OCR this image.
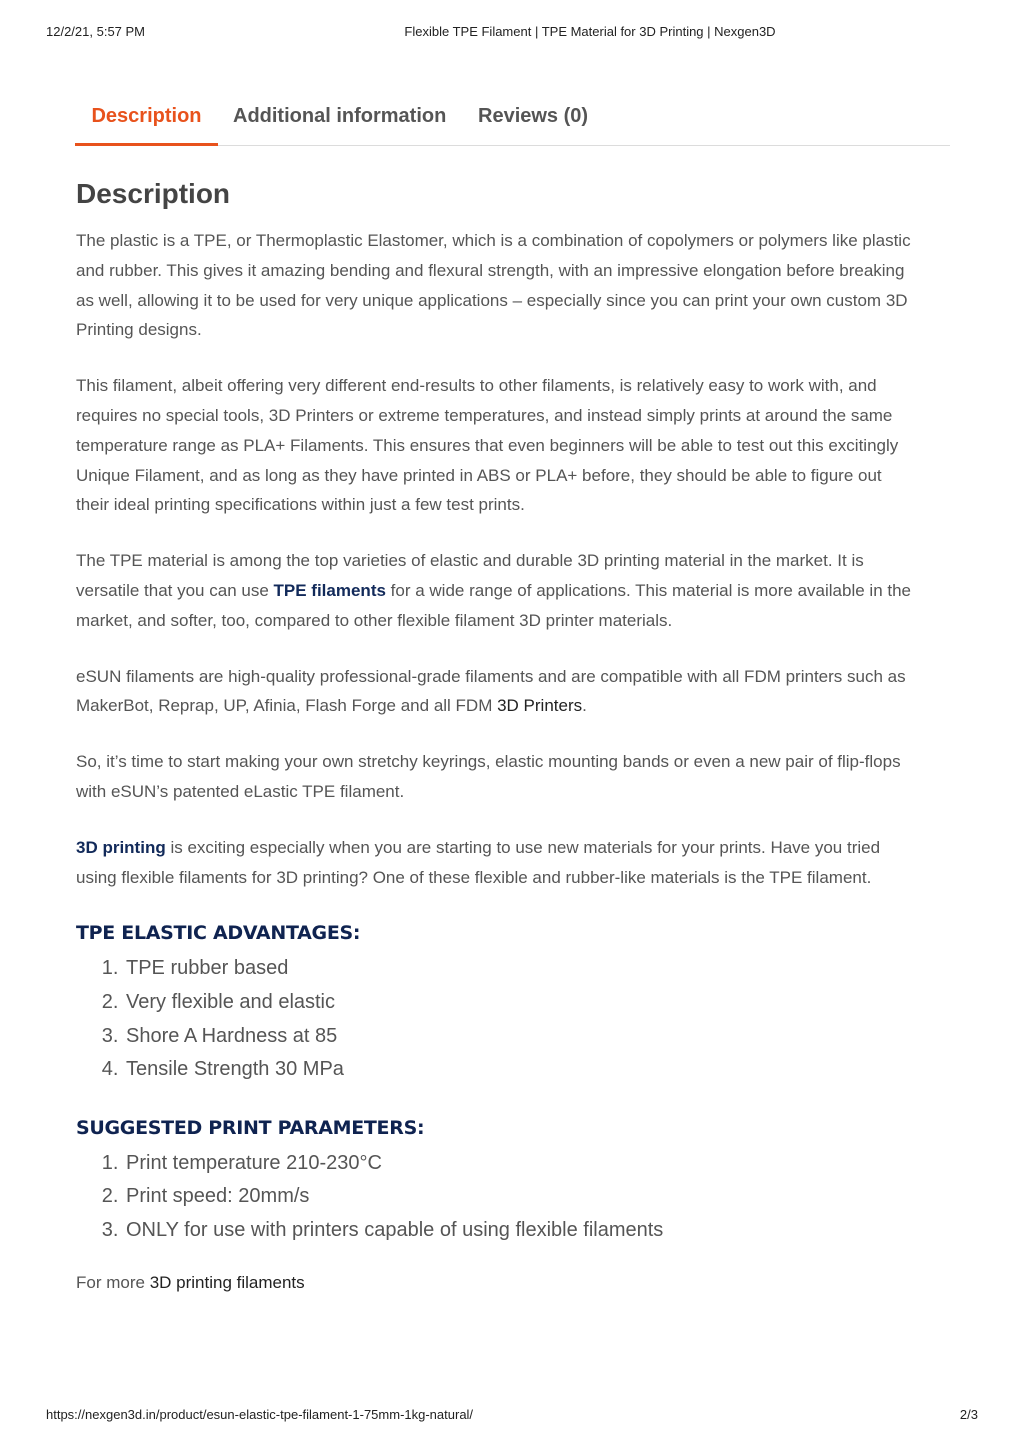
12/2/21, 5:57 PM	Flexible TPE Filament | TPE Material for 3D Printing | Nexgen3D
Description	Additional information Reviews (0)
Description

The plastic is a TPE, or Thermoplastic Elastomer, which is a combination of copolymers or polymers like plastic and rubber. This gives it amazing bending and flexural strength, with an impressive elongation before breaking as well, allowing it to be used for very unique applications – especially since you can print your own custom 3D Printing designs.

This filament, albeit offering very different end-results to other filaments, is relatively easy to work with, and requires no special tools, 3D Printers or extreme temperatures, and instead simply prints at around the same temperature range as PLA+ Filaments. This ensures that even beginners will be able to test out this excitingly Unique Filament, and as long as they have printed in ABS or PLA+ before, they should be able to figure out their ideal printing specifications within just a few test prints.

The TPE material is among the top varieties of elastic and durable 3D printing material in the market. It is versatile that you can use TPE filaments for a wide range of applications. This material is more available in the market, and softer, too, compared to other flexible filament 3D printer materials.

eSUN filaments are high-quality professional-grade filaments and are compatible with all FDM printers such as MakerBot, Reprap, UP, Afinia, Flash Forge and all FDM 3D Printers.

So, it’s time to start making your own stretchy keyrings, elastic mounting bands or even a new pair of flip-flops with eSUN’s patented eLastic TPE filament.

3D printing is exciting especially when you are starting to use new materials for your prints. Have you tried using flexible filaments for 3D printing? One of these flexible and rubber-like materials is the TPE filament.

TPE ELASTIC ADVANTAGES:
1. TPE rubber based
2. Very flexible and elastic
3. Shore A Hardness at 85
4. Tensile Strength 30 MPa
SUGGESTED PRINT PARAMETERS:
1. Print temperature 210-230°C
2. Print speed: 20mm/s
3. ONLY for use with printers capable of using flexible filaments
For more 3D printing filaments
https://nexgen3d.in/product/esun-elastic-tpe-filament-1-75mm-1kg-natural/	2/3
